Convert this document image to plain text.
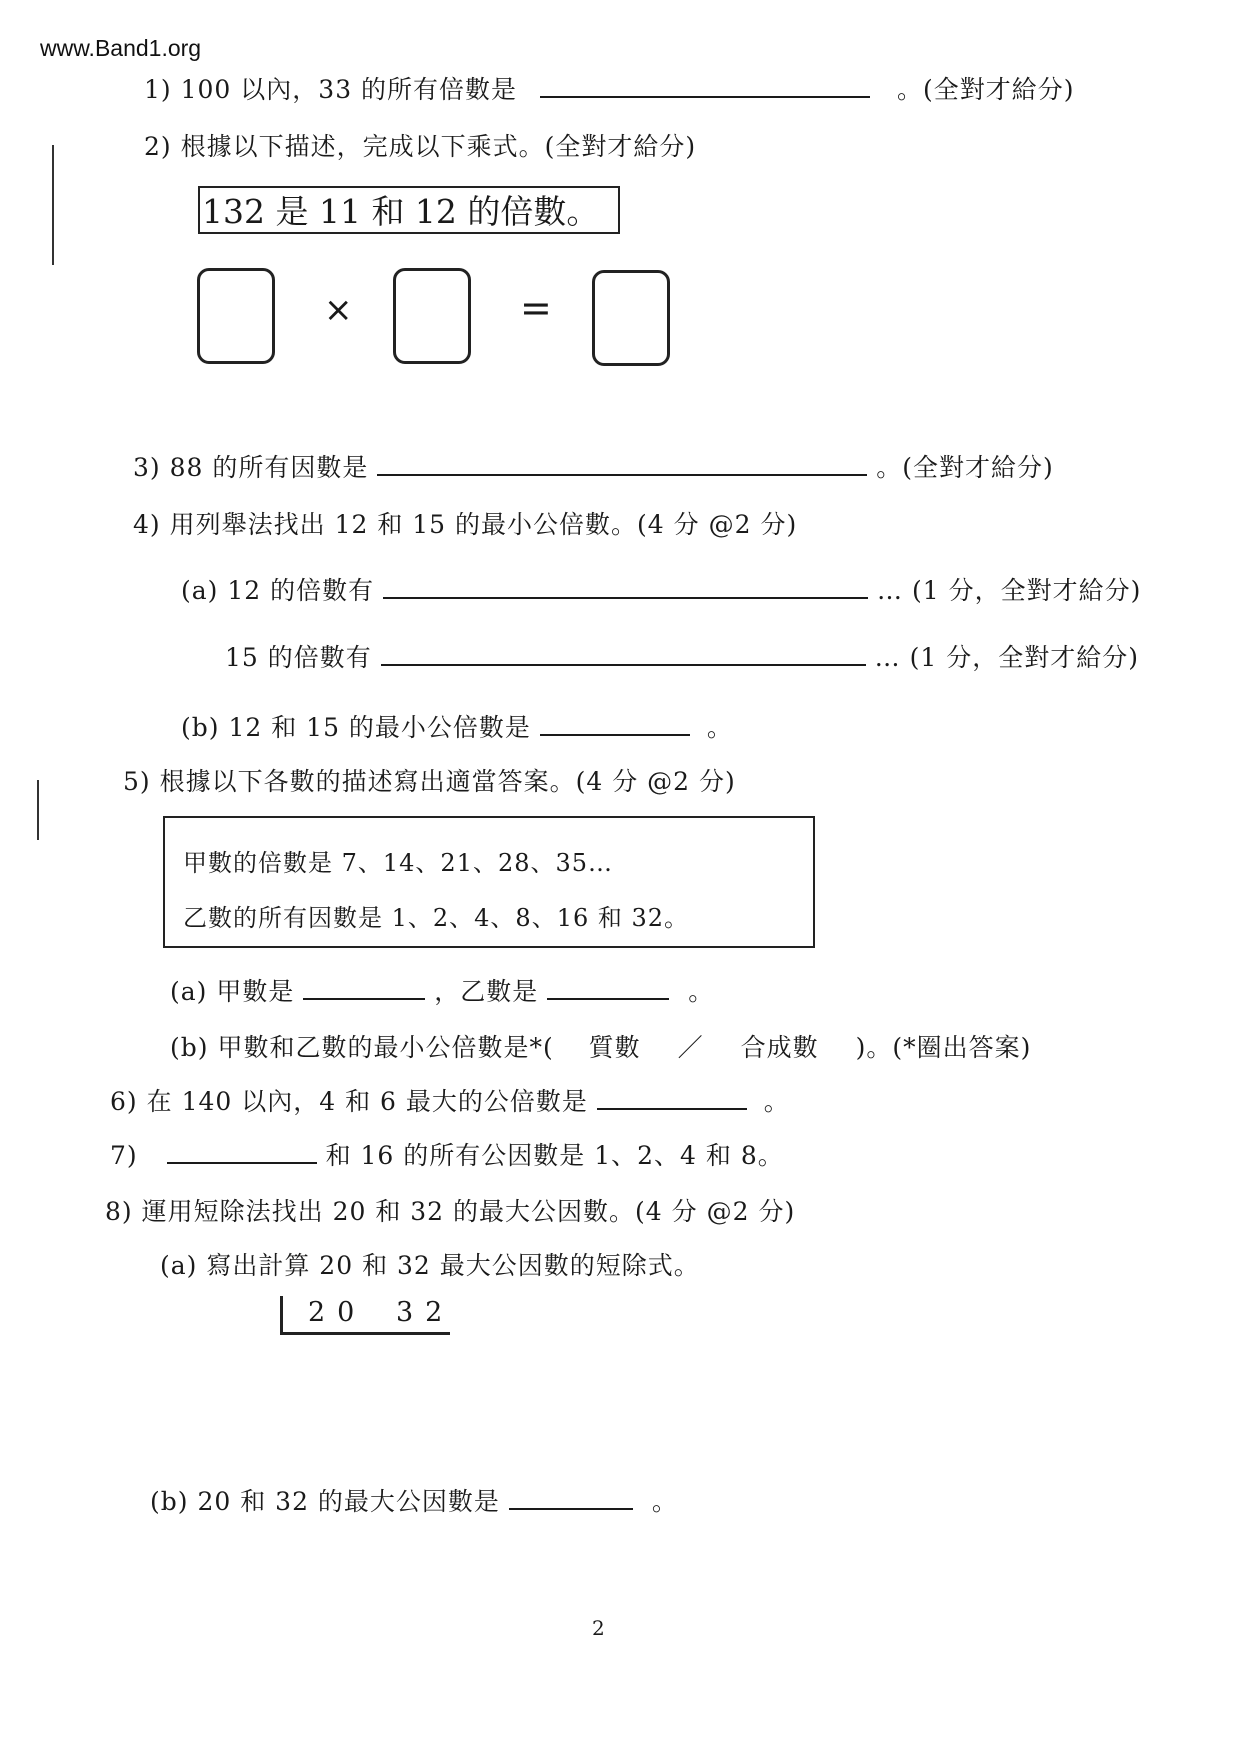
www.Band1.org
1) 100 以內，33 的所有倍數是	。(全對才給分)
2) 根據以下描述，完成以下乘式。(全對才給分)
132 是 11 和 12 的倍數。
×	=
3) 88 的所有因數是	。(全對才給分)
4) 用列舉法找出 12 和 15 的最小公倍數。(4 分 @2 分)
(a) 12 的倍數有	… (1 分，全對才給分)
15 的倍數有	… (1 分，全對才給分)
(b) 12 和 15 的最小公倍數是	。
5) 根據以下各數的描述寫出適當答案。(4 分 @2 分)
甲數的倍數是 7、14、21、28、35…
乙數的所有因數是 1、2、4、8、16 和 32。
(a) 甲數是	，乙數是	。
(b) 甲數和乙數的最小公倍數是*( 質數 ／ 合成數 )。(*圈出答案)
6) 在 140 以內，4 和 6 最大的公倍數是	。
7)	和 16 的所有公因數是 1、2、4 和 8。
8) 運用短除法找出 20 和 32 的最大公因數。(4 分 @2 分)
(a) 寫出計算 20 和 32 最大公因數的短除式。
20 32
(b) 20 和 32 的最大公因數是	。
2
